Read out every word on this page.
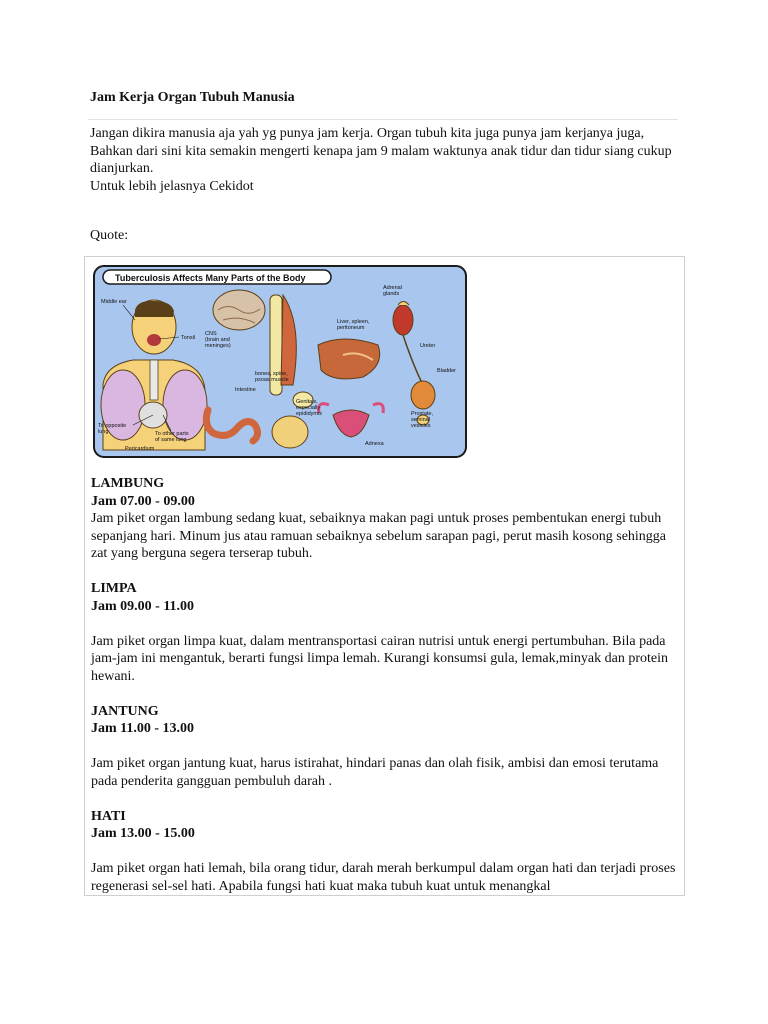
Jam Kerja Organ Tubuh Manusia

Jangan dikira manusia aja yah yg punya jam kerja. Organ tubuh kita juga punya jam kerjanya juga, Bahkan dari sini kita semakin mengerti kenapa jam 9 malam waktunya anak tidur dan tidur siang cukup dianjurkan.

Untuk lebih jelasnya Cekidot

Quote:
Tuberculosis Affects Many Parts of the Body
Middle ear
Tonsil
CNS
(brain and
meninges)
Adrenal
glands
Liver, spleen,
peritoneum
Ureter
Bladder
bones, spine,
psoas muscle
Intestine
Genitals,
especially
epididymis	Prostate,
seminal
vesicles
Adnexa
To opposite
lung	To other parts
of same lung
Pericardium
LAMBUNG
Jam 07.00 - 09.00

Jam piket organ lambung sedang kuat, sebaiknya makan pagi untuk proses pembentukan energi tubuh sepanjang hari. Minum jus atau ramuan sebaiknya sebelum sarapan pagi, perut masih kosong sehingga zat yang berguna segera terserap tubuh.

LIMPA
Jam 09.00 - 11.00

Jam piket organ limpa kuat, dalam mentransportasi cairan nutrisi untuk energi pertumbuhan. Bila pada jam-jam ini mengantuk, berarti fungsi limpa lemah. Kurangi konsumsi gula, lemak,minyak dan protein hewani.

JANTUNG
Jam 11.00 - 13.00

Jam piket organ jantung kuat, harus istirahat, hindari panas dan olah fisik, ambisi dan emosi terutama pada penderita gangguan pembuluh darah .

HATI
Jam 13.00 - 15.00

Jam piket organ hati lemah, bila orang tidur, darah merah berkumpul dalam organ hati dan terjadi proses regenerasi sel-sel hati. Apabila fungsi hati kuat maka tubuh kuat untuk menangkal
